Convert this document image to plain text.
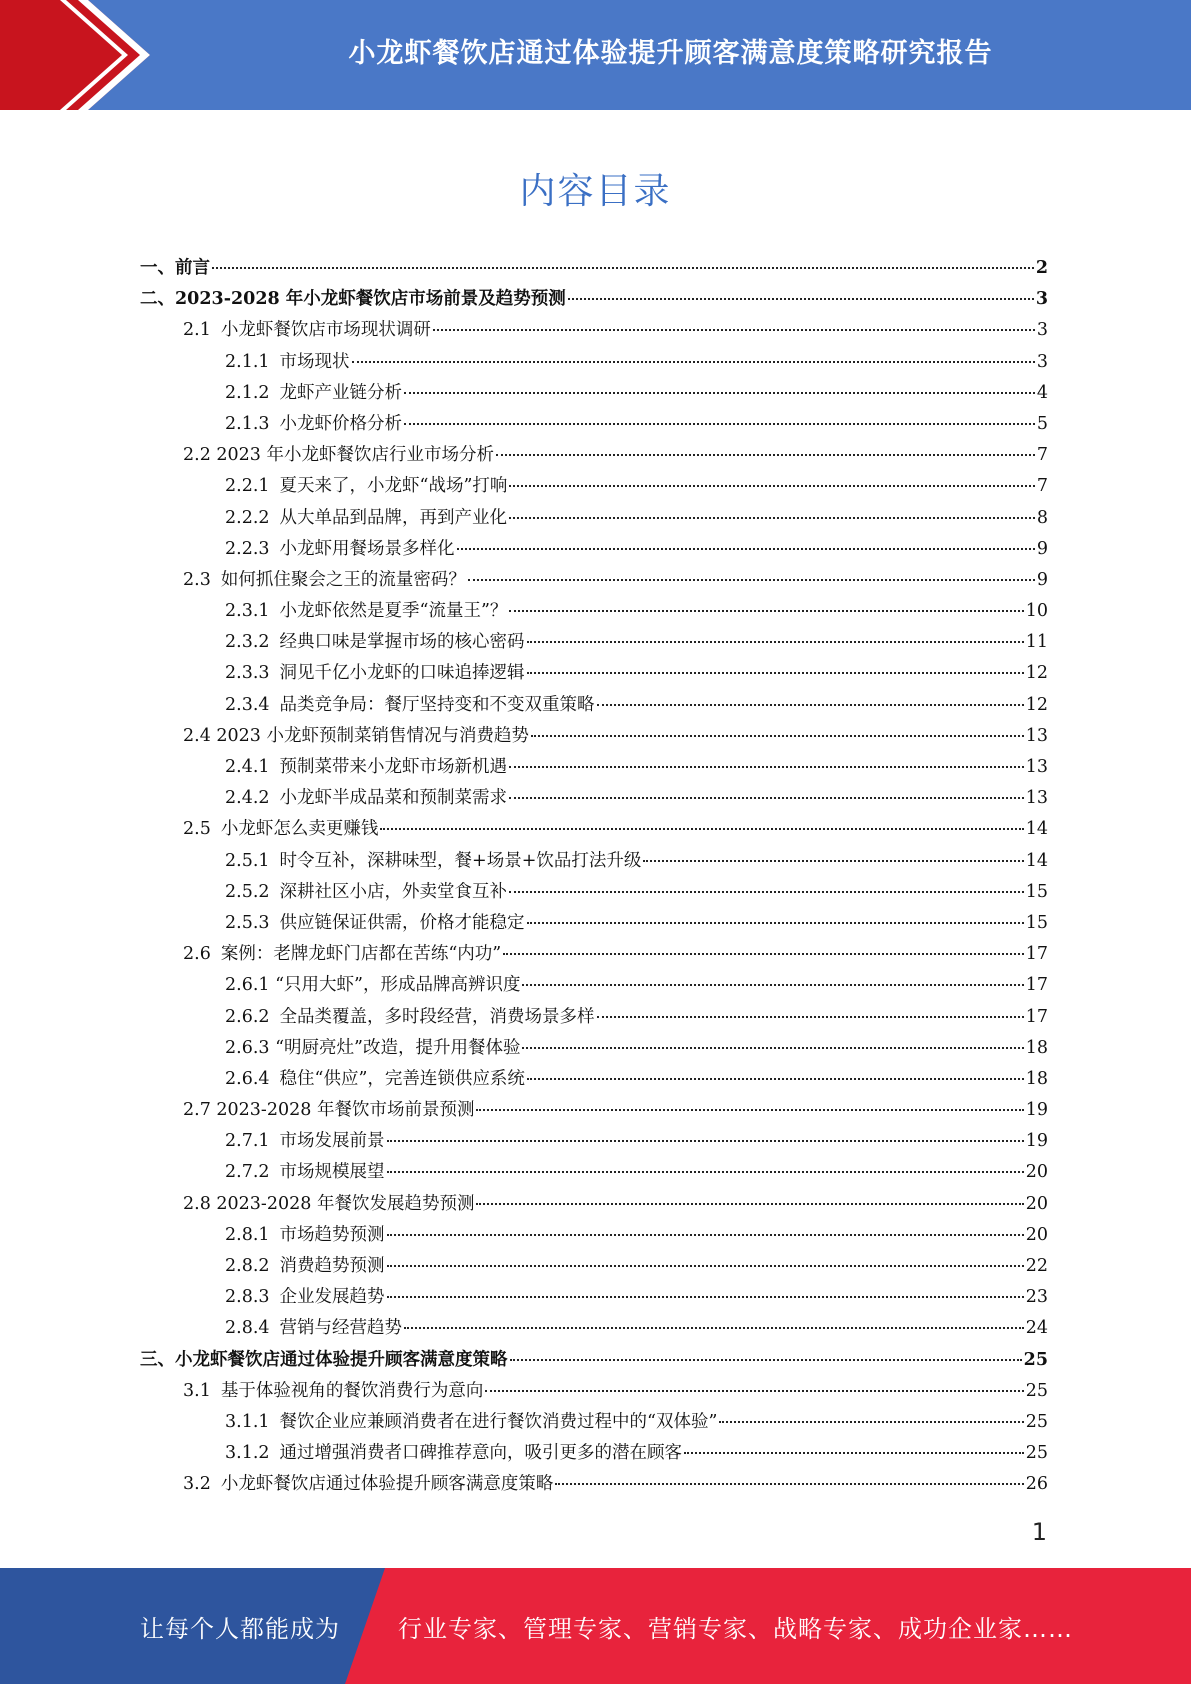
小龙虾餐饮店通过体验提升顾客满意度策略研究报告
内容目录
一、前言	2
二、2023-2028 年小龙虾餐饮店市场前景及趋势预测	3
2.1 小龙虾餐饮店市场现状调研	3
2.1.1 市场现状	3
2.1.2 龙虾产业链分析	4
2.1.3 小龙虾价格分析	5
2.2 2023 年小龙虾餐饮店行业市场分析	7
2.2.1 夏天来了，小龙虾“战场”打响	7
2.2.2 从大单品到品牌，再到产业化	8
2.2.3 小龙虾用餐场景多样化	9
2.3 如何抓住聚会之王的流量密码？	9
2.3.1 小龙虾依然是夏季“流量王”？	10
2.3.2 经典口味是掌握市场的核心密码	11
2.3.3 洞见千亿小龙虾的口味追捧逻辑	12
2.3.4 品类竞争局：餐厅坚持变和不变双重策略	12
2.4 2023 小龙虾预制菜销售情况与消费趋势	13
2.4.1 预制菜带来小龙虾市场新机遇	13
2.4.2 小龙虾半成品菜和预制菜需求	13
2.5 小龙虾怎么卖更赚钱	14
2.5.1 时令互补，深耕味型，餐+场景+饮品打法升级	14
2.5.2 深耕社区小店，外卖堂食互补	15
2.5.3 供应链保证供需，价格才能稳定	15
2.6 案例：老牌龙虾门店都在苦练“内功”	17
2.6.1 “只用大虾”，形成品牌高辨识度	17
2.6.2 全品类覆盖，多时段经营，消费场景多样	17
2.6.3 “明厨亮灶”改造，提升用餐体验	18
2.6.4 稳住“供应”，完善连锁供应系统	18
2.7 2023-2028 年餐饮市场前景预测	19
2.7.1 市场发展前景	19
2.7.2 市场规模展望	20
2.8 2023-2028 年餐饮发展趋势预测	20
2.8.1 市场趋势预测	20
2.8.2 消费趋势预测	22
2.8.3 企业发展趋势	23
2.8.4 营销与经营趋势	24
三、小龙虾餐饮店通过体验提升顾客满意度策略	25
3.1 基于体验视角的餐饮消费行为意向	25
3.1.1 餐饮企业应兼顾消费者在进行餐饮消费过程中的“双体验”	25
3.1.2 通过增强消费者口碑推荐意向，吸引更多的潜在顾客	25
3.2 小龙虾餐饮店通过体验提升顾客满意度策略	26
1
让每个人都能成为 行业专家、管理专家、营销专家、战略专家、成功企业家……
